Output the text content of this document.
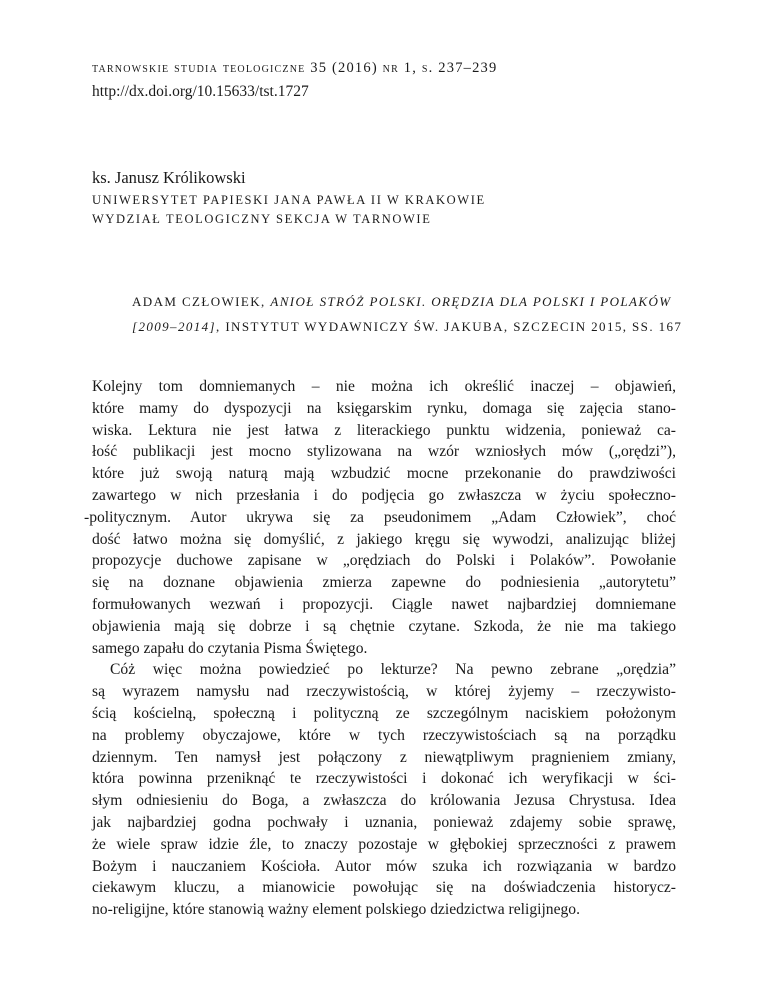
tarnowskie studia teologiczne 35 (2016) nr 1, s. 237–239
http://dx.doi.org/10.15633/tst.1727
ks. Janusz Królikowski
UNIWERSYTET PAPIESKI JANA PAWŁA II W KRAKOWIE
WYDZIAŁ TEOLOGICZNY SEKCJA W TARNOWIE
ADAM CZŁOWIEK, ANIOŁ STRÓŻ POLSKI. ORĘDZIA DLA POLSKI I POLAKÓW
[2009–2014], INSTYTUT WYDAWNICZY ŚW. JAKUBA, SZCZECIN 2015, SS. 167
Kolejny tom domniemanych – nie można ich określić inaczej – objawień,
które mamy do dyspozycji na księgarskim rynku, domaga się zajęcia stano-
wiska. Lektura nie jest łatwa z literackiego punktu widzenia, ponieważ ca-
łość publikacji jest mocno stylizowana na wzór wzniosłych mów („orędzi”),
które już swoją naturą mają wzbudzić mocne przekonanie do prawdziwości
zawartego w nich przesłania i do podjęcia go zwłaszcza w życiu społeczno-
-politycznym. Autor ukrywa się za pseudonimem „Adam Człowiek”, choć
dość łatwo można się domyślić, z jakiego kręgu się wywodzi, analizując bliżej
propozycje duchowe zapisane w „orędziach do Polski i Polaków”. Powołanie
się na doznane objawienia zmierza zapewne do podniesienia „autorytetu”
formułowanych wezwań i propozycji. Ciągle nawet najbardziej domniemane
objawienia mają się dobrze i są chętnie czytane. Szkoda, że nie ma takiego
samego zapału do czytania Pisma Świętego.
Cóż więc można powiedzieć po lekturze? Na pewno zebrane „orędzia”
są wyrazem namysłu nad rzeczywistością, w której żyjemy – rzeczywisto-
ścią kościelną, społeczną i polityczną ze szczególnym naciskiem położonym
na problemy obyczajowe, które w tych rzeczywistościach są na porządku
dziennym. Ten namysł jest połączony z niewątpliwym pragnieniem zmiany,
która powinna przeniknąć te rzeczywistości i dokonać ich weryfikacji w ści-
słym odniesieniu do Boga, a zwłaszcza do królowania Jezusa Chrystusa. Idea
jak najbardziej godna pochwały i uznania, ponieważ zdajemy sobie sprawę,
że wiele spraw idzie źle, to znaczy pozostaje w głębokiej sprzeczności z prawem
Bożym i nauczaniem Kościoła. Autor mów szuka ich rozwiązania w bardzo
ciekawym kluczu, a mianowicie powołując się na doświadczenia historycz-
no-religijne, które stanowią ważny element polskiego dziedzictwa religijnego.
